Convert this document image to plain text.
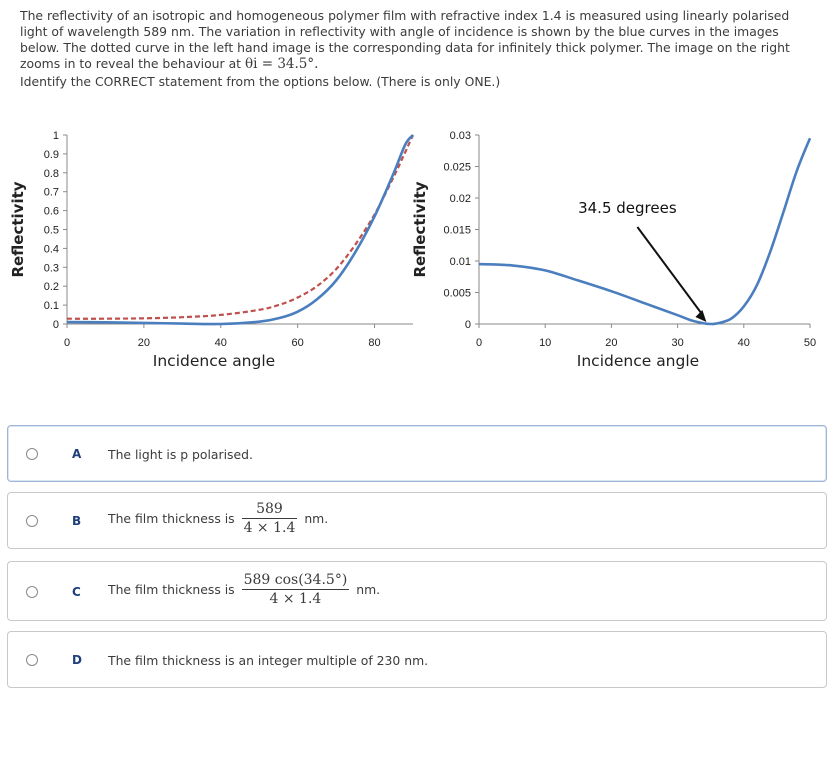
The reflectivity of an isotropic and homogeneous polymer film with refractive index 1.4 is measured using linearly polarised light of wavelength 589 nm. The variation in reflectivity with angle of incidence is shown by the blue curves in the images below. The dotted curve in the left hand image is the corresponding data for infinitely thick polymer. The image on the right zooms in to reveal the behaviour at θi = 34.5°.

Identify the CORRECT statement from the options below. (There is only ONE.)

0
0.1
0.2
0.3
0.4
0.5
0.6
0.7
0.8
0.9
1
0	20	40	60	80
Incidence angle
Reflectivity
0
0.005
0.01
0.015
0.02
0.025
0.03
0	10	20	30	40	50
Incidence angle
Reflectivity	34.5 degrees
A The light is p polarised.
B The film thickness is $\frac{589}{4 \times 1.4}$ nm.
C The film thickness is $\frac{589 \cos(34.5^\circ)}{4 \times 1.4}$ nm.
D The film thickness is an integer multiple of 230 nm.
